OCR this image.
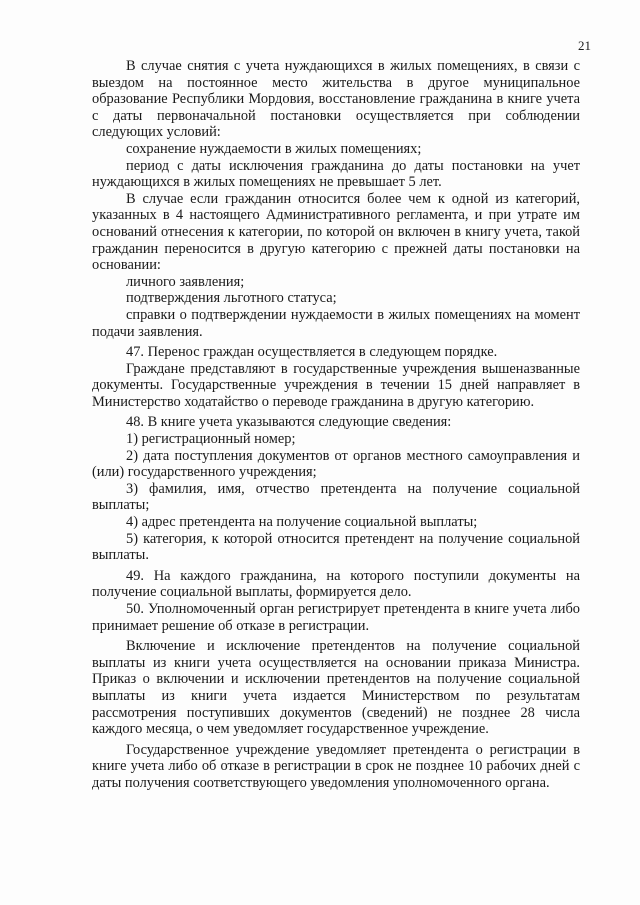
21

В случае снятия с учета нуждающихся в жилых помещениях, в связи с выездом на постоянное место жительства в другое муниципальное образование Республики Мордовия, восстановление гражданина в книге учета с даты первоначальной постановки осуществляется при соблюдении следующих условий:

сохранение нуждаемости в жилых помещениях;

период с даты исключения гражданина до даты постановки на учет нуждающихся в жилых помещениях не превышает 5 лет.

В случае если гражданин относится более чем к одной из категорий, указанных в 4 настоящего Административного регламента, и при утрате им оснований отнесения к категории, по которой он включен в книгу учета, такой гражданин переносится в другую категорию с прежней даты постановки на основании:

личного заявления;

подтверждения льготного статуса;

справки о подтверждении нуждаемости в жилых помещениях на момент подачи заявления.

47. Перенос граждан осуществляется в следующем порядке.

Граждане представляют в государственные учреждения вышеназванные документы. Государственные учреждения в течении 15 дней направляет в Министерство ходатайство о переводе гражданина в другую категорию.

48. В книге учета указываются следующие сведения:

1) регистрационный номер;

2) дата поступления документов от органов местного самоуправления и (или) государственного учреждения;

3) фамилия, имя, отчество претендента на получение социальной выплаты;

4) адрес претендента на получение социальной выплаты;

5) категория, к которой относится претендент на получение социальной выплаты.

49. На каждого гражданина, на которого поступили документы на получение социальной выплаты, формируется дело.

50. Уполномоченный орган регистрирует претендента в книге учета либо принимает решение об отказе в регистрации.

Включение и исключение претендентов на получение социальной выплаты из книги учета осуществляется на основании приказа Министра. Приказ о включении и исключении претендентов на получение социальной выплаты из книги учета издается Министерством по результатам рассмотрения поступивших документов (сведений) не позднее 28 числа каждого месяца, о чем уведомляет государственное учреждение.

Государственное учреждение уведомляет претендента о регистрации в книге учета либо об отказе в регистрации в срок не позднее 10 рабочих дней с даты получения соответствующего уведомления уполномоченного органа.
